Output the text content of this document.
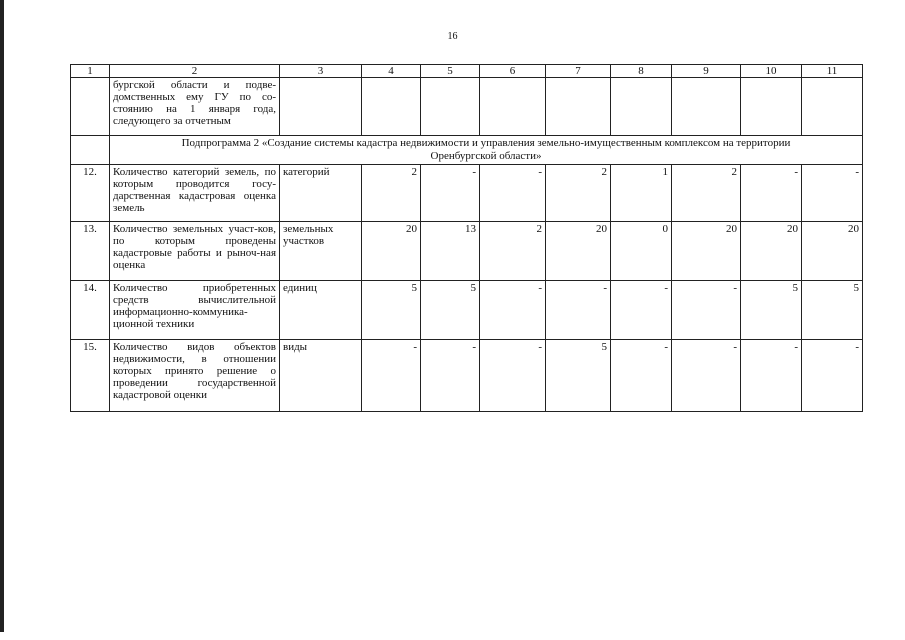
16
1	2	3	4	5	6	7	8	9	10	11
	бургской области и подве-домственных ему ГУ по со-стоянию на 1 января года, следующего за отчетным									

	Подпрограмма 2 «Создание системы кадастра недвижимости и управления земельно-имущественным комплексом на территории
Оренбургской области»									

12.	Количество категорий земель, по которым проводится госу-дарственная кадастровая оценка земель	категорий	2	-	-	2	1	2	-	-
13.	Количество земельных участ-ков, по которым проведены кадастровые работы и рыноч-ная оценка	земельных участков	20	13	2	20	0	20	20	20
14.	Количество приобретенных средств вычислительной информационно-коммуника-ционной техники	единиц	5	5	-	-	-	-	5	5
15.	Количество видов объектов недвижимости, в отношении которых принято решение о проведении государственной кадастровой оценки	виды	-	-	-	5	-	-	-	-
